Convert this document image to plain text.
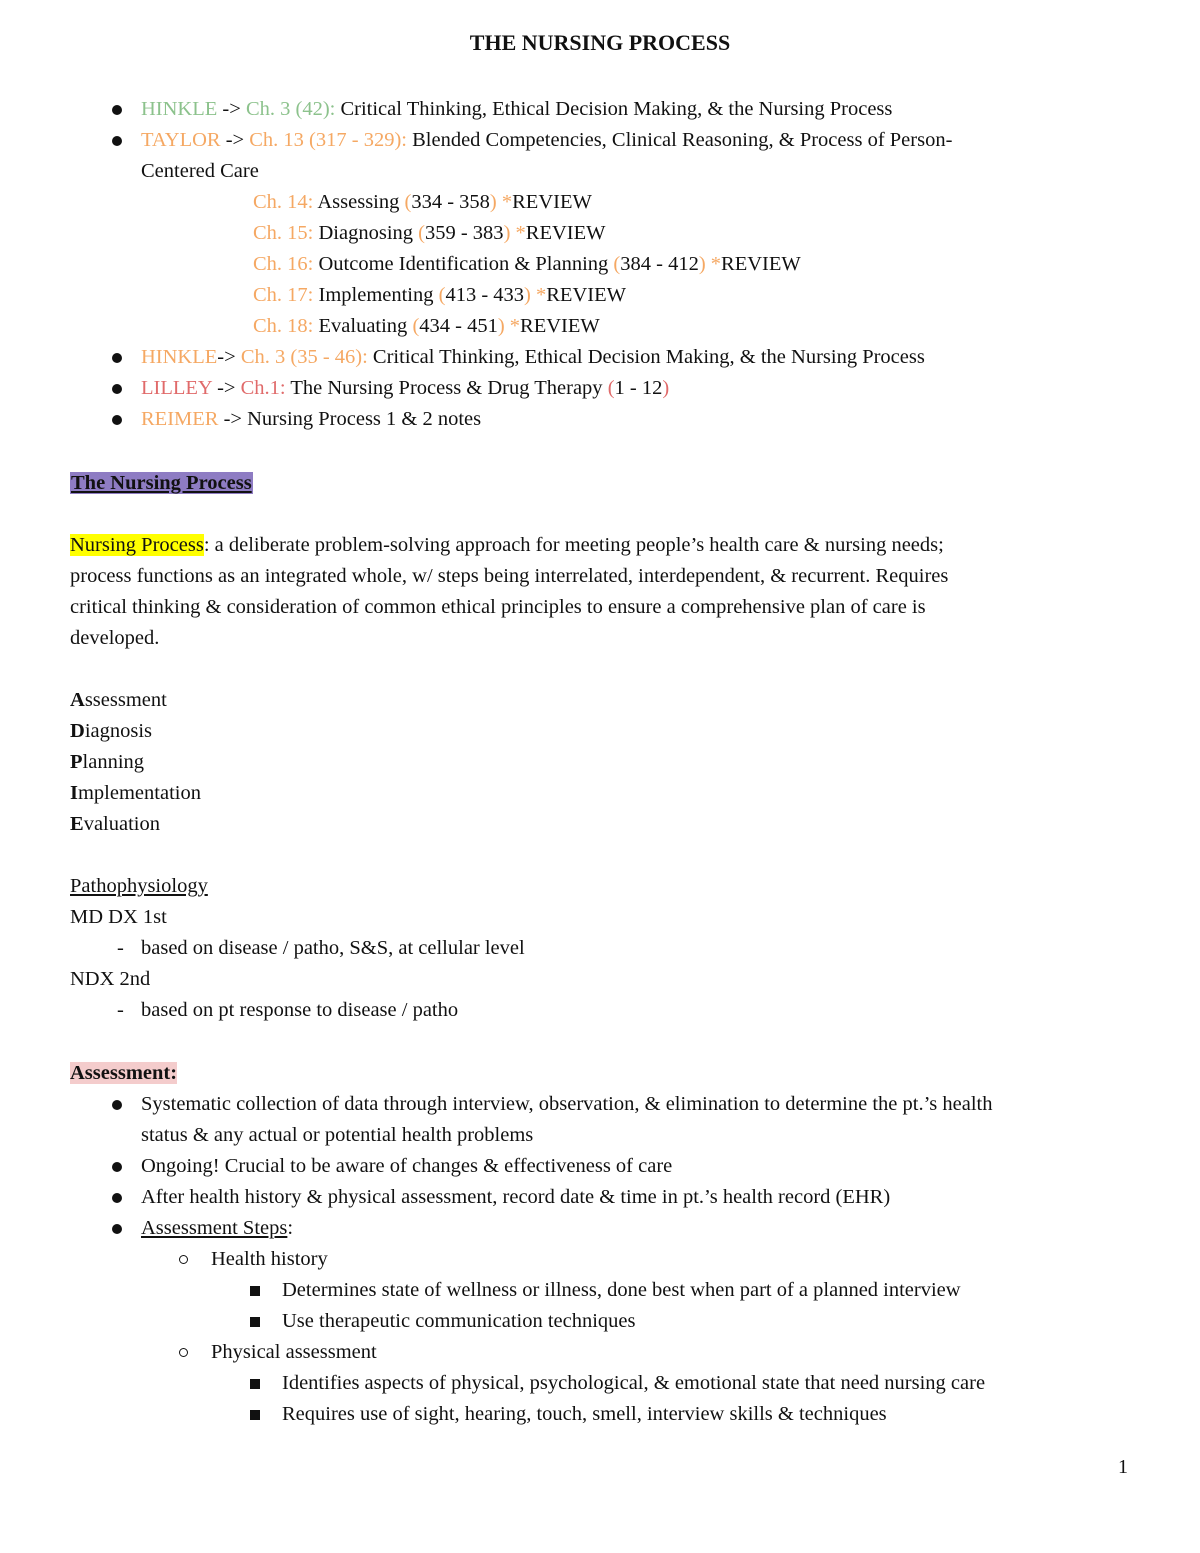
THE NURSING PROCESS
HINKLE -> Ch. 3 (42): Critical Thinking, Ethical Decision Making, & the Nursing Process
TAYLOR -> Ch. 13 (317 - 329): Blended Competencies, Clinical Reasoning, & Process of Person-
Centered Care
Ch. 14: Assessing (334 - 358) *REVIEW
Ch. 15: Diagnosing (359 - 383) *REVIEW
Ch. 16: Outcome Identification & Planning (384 - 412) *REVIEW
Ch. 17: Implementing (413 - 433) *REVIEW
Ch. 18: Evaluating (434 - 451) *REVIEW
HINKLE-> Ch. 3 (35 - 46): Critical Thinking, Ethical Decision Making, & the Nursing Process
LILLEY -> Ch.1: The Nursing Process & Drug Therapy (1 - 12)
REIMER -> Nursing Process 1 & 2 notes
The Nursing Process
Nursing Process: a deliberate problem-solving approach for meeting people’s health care & nursing needs;
process functions as an integrated whole, w/ steps being interrelated, interdependent, & recurrent. Requires
critical thinking & consideration of common ethical principles to ensure a comprehensive plan of care is
developed.
Assessment
Diagnosis
Planning
Implementation
Evaluation
Pathophysiology
MD DX 1st
- based on disease / patho, S&S, at cellular level
NDX 2nd
- based on pt response to disease / patho
Assessment:
Systematic collection of data through interview, observation, & elimination to determine the pt.’s health
status & any actual or potential health problems
Ongoing! Crucial to be aware of changes & effectiveness of care
After health history & physical assessment, record date & time in pt.’s health record (EHR)
Assessment Steps:
Health history
Determines state of wellness or illness, done best when part of a planned interview
Use therapeutic communication techniques
Physical assessment
Identifies aspects of physical, psychological, & emotional state that need nursing care
Requires use of sight, hearing, touch, smell, interview skills & techniques
1
